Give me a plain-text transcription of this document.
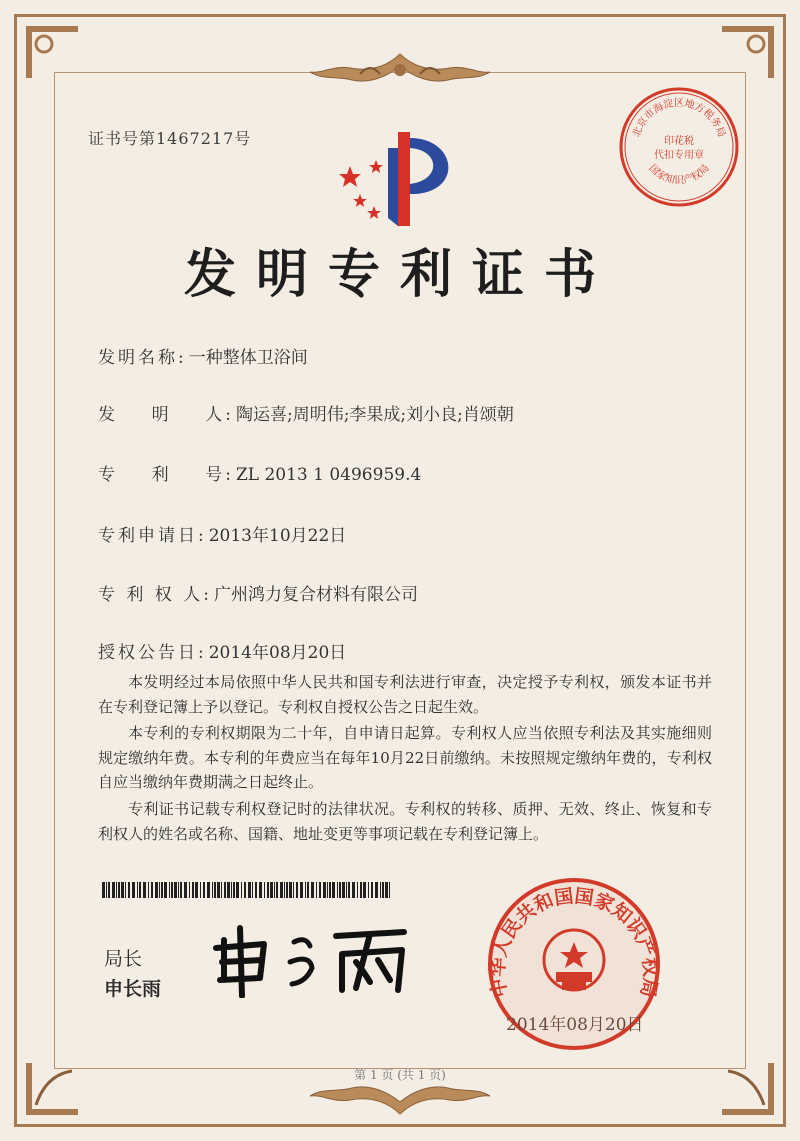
证书号第1467217号
发明专利证书
发明名称: 一种整体卫浴间
发    明    人: 陶运喜;周明伟;李果成;刘小良;肖颂朝
专    利    号: ZL 2013 1 0496959.4
专利申请日: 2013年10月22日
专 利 权 人: 广州鸿力复合材料有限公司
授权公告日: 2014年08月20日

本发明经过本局依照中华人民共和国专利法进行审查，决定授予专利权，颁发本证书并在专利登记簿上予以登记。专利权自授权公告之日起生效。

本专利的专利权期限为二十年，自申请日起算。专利权人应当依照专利法及其实施细则规定缴纳年费。本专利的年费应当在每年10月22日前缴纳。未按照规定缴纳年费的，专利权自应当缴纳年费期满之日起终止。

专利证书记载专利权登记时的法律状况。专利权的转移、质押、无效、终止、恢复和专利权人的姓名或名称、国籍、地址变更等事项记载在专利登记簿上。

局长
申长雨
北京市海淀区地方税务局
印花税
代扣专用章
国家知识产权局
中华人民共和国国家知识产权局
2014年08月20日
第 1 页 (共 1 页)
